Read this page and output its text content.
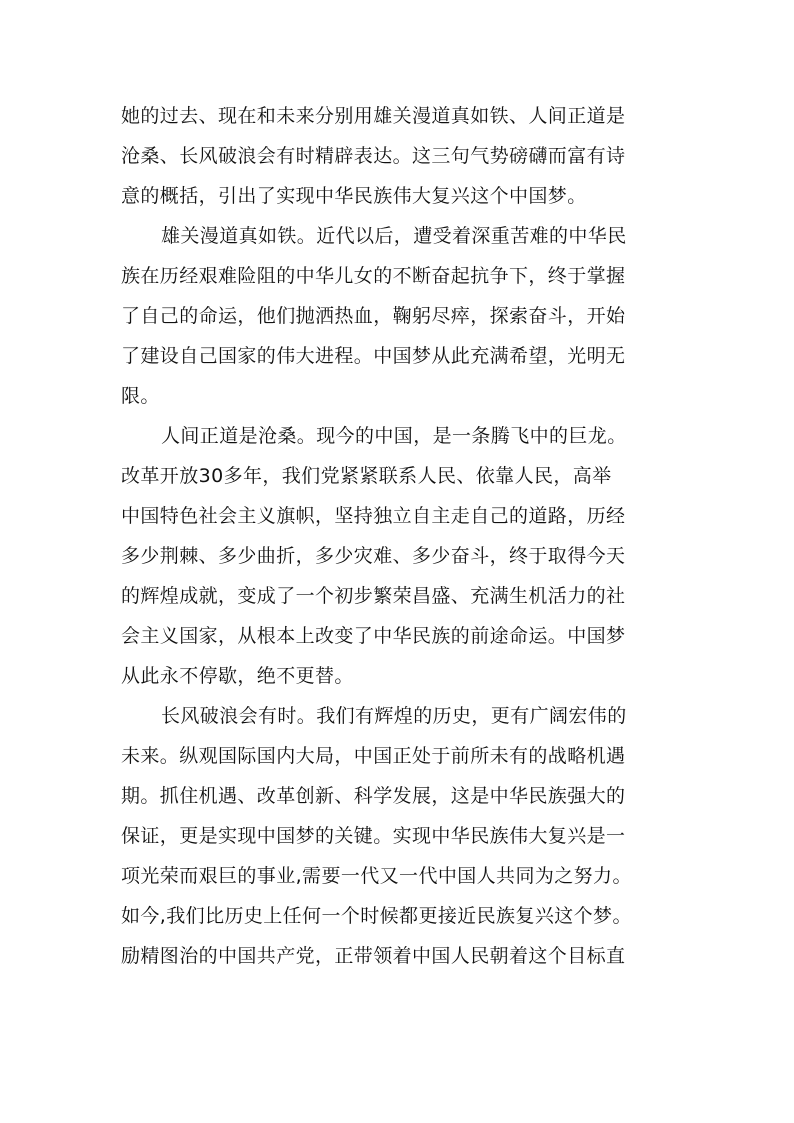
她的过去、现在和未来分别用雄关漫道真如铁、人间正道是
沧桑、长风破浪会有时精辟表达。这三句气势磅礴而富有诗
意的概括，引出了实现中华民族伟大复兴这个中国梦。
雄关漫道真如铁。近代以后，遭受着深重苦难的中华民
族在历经艰难险阻的中华儿女的不断奋起抗争下，终于掌握
了自己的命运，他们抛洒热血，鞠躬尽瘁，探索奋斗，开始
了建设自己国家的伟大进程。中国梦从此充满希望，光明无
限。
人间正道是沧桑。现今的中国，是一条腾飞中的巨龙。
改革开放30多年，我们党紧紧联系人民、依靠人民，高举
中国特色社会主义旗帜，坚持独立自主走自己的道路，历经
多少荆棘、多少曲折，多少灾难、多少奋斗，终于取得今天
的辉煌成就，变成了一个初步繁荣昌盛、充满生机活力的社
会主义国家，从根本上改变了中华民族的前途命运。中国梦
从此永不停歇，绝不更替。
长风破浪会有时。我们有辉煌的历史，更有广阔宏伟的
未来。纵观国际国内大局，中国正处于前所未有的战略机遇
期。抓住机遇、改革创新、科学发展，这是中华民族强大的
保证，更是实现中国梦的关键。实现中华民族伟大复兴是一
项光荣而艰巨的事业,需要一代又一代中国人共同为之努力。
如今,我们比历史上任何一个时候都更接近民族复兴这个梦。
励精图治的中国共产党，正带领着中国人民朝着这个目标直
